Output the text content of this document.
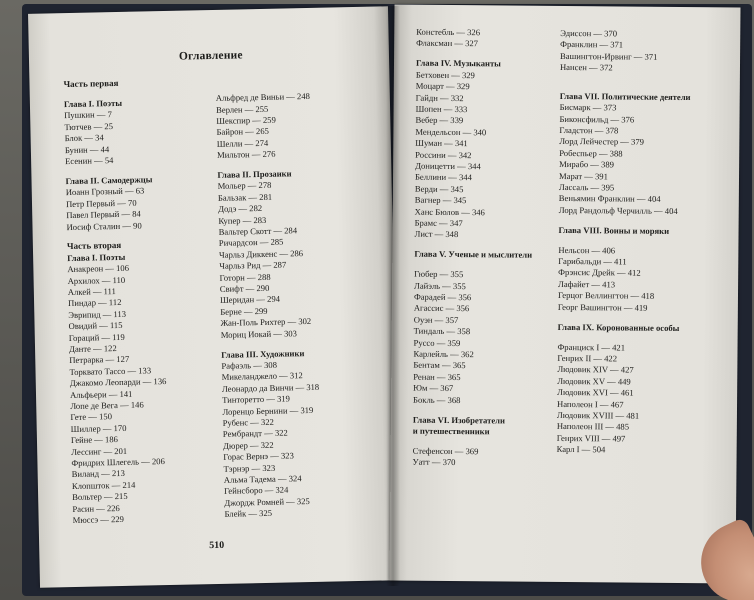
Оглавление
Часть первая
Глава I. Поэты
Пушкин — 7
Тютчев — 25
Блок — 34
Бунин — 44
Есенин — 54
Глава II. Самодержцы
Иоанн Грозный — 63
Петр Первый — 70
Павел Первый — 84
Иосиф Сталин — 90
Часть вторая
Глава I. Поэты
Анакреон — 106
Архилох — 110
Алкей — 111
Пиндар — 112
Эврипид — 113
Овидий — 115
Гораций — 119
Данте — 122
Петрарка — 127
Торквато Тассо — 133
Джакомо Леопарди — 136
Альфьери — 141
Лопе де Вега — 146
Гете — 150
Шиллер — 170
Гейне — 186
Лессинг — 201
Фридрих Шлегель — 206
Виланд — 213
Клопшток — 214
Вольтер — 215
Расин — 226
Мюссэ — 229
Альфред де Виньи — 248
Верлен — 255
Шекспир — 259
Байрон — 265
Шелли — 274
Мильтон — 276
Глава II. Прозаики
Мольер — 278
Бальзак — 281
Додэ — 282
Купер — 283
Вальтер Скотт — 284
Ричардсон — 285
Чарльз Диккенс — 286
Чарльз Рид — 287
Готорн — 288
Свифт — 290
Шеридан — 294
Берне — 299
Жан-Поль Рихтер — 302
Мориц Иокай — 303
Глава III. Художники
Рафаэль — 308
Микеланджело — 312
Леонардо да Винчи — 318
Тинторетто — 319
Лоренцо Бернини — 319
Рубенс — 322
Рембрандт — 322
Дюрер — 322
Горас Вернэ — 323
Тэрнэр — 323
Альма Тадема — 324
Гейнсборо — 324
Джордж Ромней — 325
Блейк — 325
510
Констебль — 326
Флаксман — 327
Глава IV. Музыканты
Бетховен — 329
Моцарт — 329
Гайдн — 332
Шопен — 333
Вебер — 339
Мендельсон — 340
Шуман — 341
Россини — 342
Доницетти — 344
Беллини — 344
Верди — 345
Вагнер — 345
Ханс Бюлов — 346
Брамс — 347
Лист — 348
Глава V. Ученые и мыслители
Гюбер — 355
Лайэль — 355
Фарадей — 356
Агассис — 356
Оуэн — 357
Тиндаль — 358
Руссо — 359
Карлейль — 362
Бентам — 365
Ренан — 365
Юм — 367
Бокль — 368
Глава VI. Изобретатели
и путешественники
Стефенсон — 369
Уатт — 370
Эдиссон — 370
Франклин — 371
Вашингтон-Ирвинг — 371
Нансен — 372
Глава VII. Политические деятели
Бисмарк — 373
Биконсфильд — 376
Гладстон — 378
Лорд Лейчестер — 379
Робеспьер — 388
Мирабо — 389
Марат — 391
Лассаль — 395
Веньямин Франклин — 404
Лорд Рандольф Черчилль — 404
Глава VIII. Воины и моряки
Нельсон — 406
Гарибальди — 411
Фрэнсис Дрейк — 412
Лафайет — 413
Герцог Веллингтон — 418
Георг Вашингтон — 419
Глава IX. Коронованные особы
Франциск I — 421
Генрих II — 422
Людовик XIV — 427
Людовик XV — 449
Людовик XVI — 461
Наполеон I — 467
Людовик XVIII — 481
Наполеон III — 485
Генрих VIII — 497
Карл I — 504
